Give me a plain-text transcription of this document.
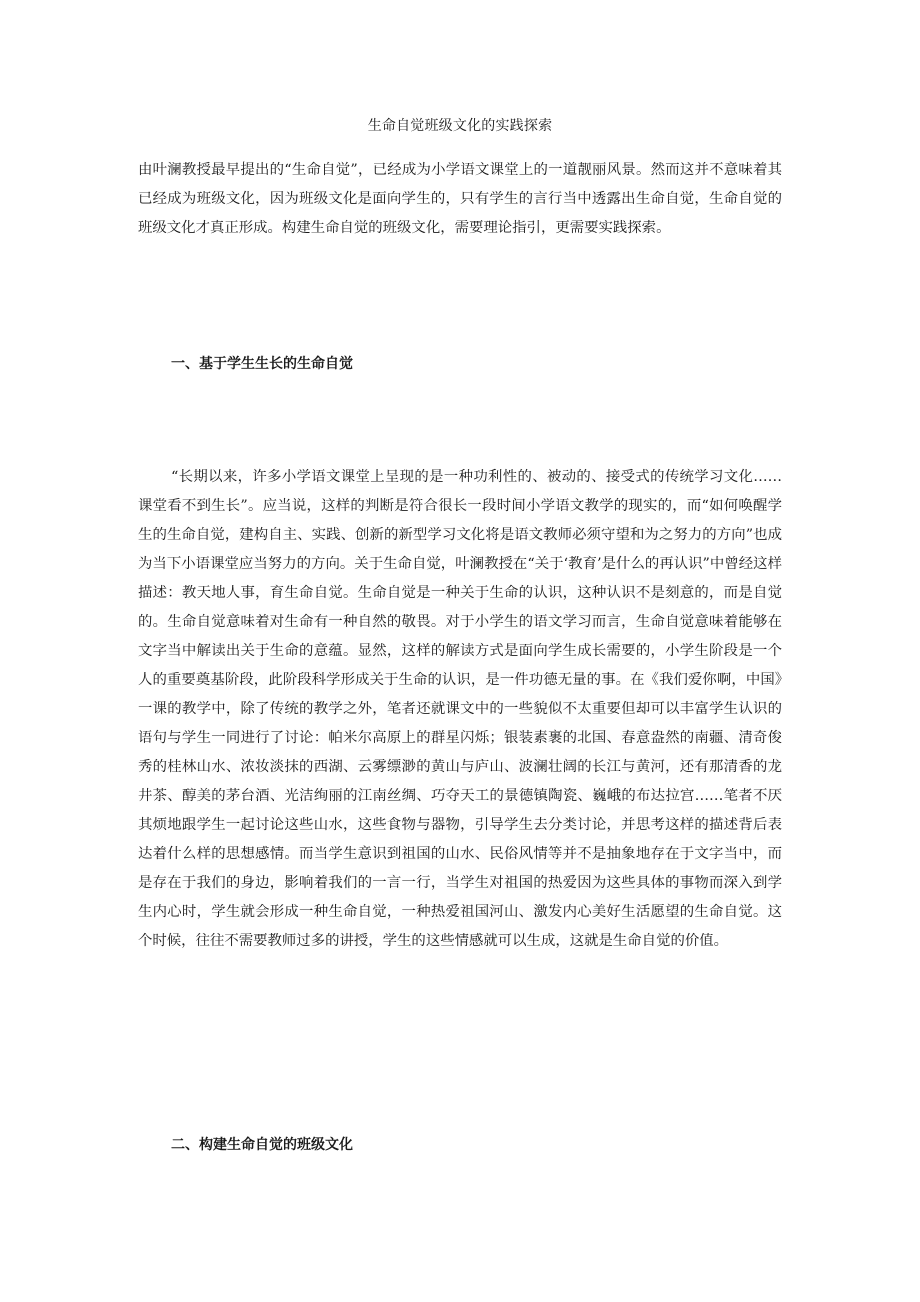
生命自觉班级文化的实践探索

由叶澜教授最早提出的“生命自觉”，已经成为小学语文课堂上的一道靓丽风景。然而这并不意味着其已经成为班级文化，因为班级文化是面向学生的，只有学生的言行当中透露出生命自觉，生命自觉的班级文化才真正形成。构建生命自觉的班级文化，需要理论指引，更需要实践探索。

一、基于学生生长的生命自觉

“长期以来，许多小学语文课堂上呈现的是一种功利性的、被动的、接受式的传统学习文化……课堂看不到生长”。应当说，这样的判断是符合很长一段时间小学语文教学的现实的，而“如何唤醒学生的生命自觉，建构自主、实践、创新的新型学习文化将是语文教师必须守望和为之努力的方向”也成为当下小语课堂应当努力的方向。关于生命自觉，叶澜教授在“关于‘教育’是什么的再认识”中曾经这样描述：教天地人事，育生命自觉。生命自觉是一种关于生命的认识，这种认识不是刻意的，而是自觉的。生命自觉意味着对生命有一种自然的敬畏。对于小学生的语文学习而言，生命自觉意味着能够在文字当中解读出关于生命的意蕴。显然，这样的解读方式是面向学生成长需要的，小学生阶段是一个人的重要奠基阶段，此阶段科学形成关于生命的认识，是一件功德无量的事。在《我们爱你啊，中国》一课的教学中，除了传统的教学之外，笔者还就课文中的一些貌似不太重要但却可以丰富学生认识的语句与学生一同进行了讨论：帕米尔高原上的群星闪烁；银装素裹的北国、春意盎然的南疆、清奇俊秀的桂林山水、浓妆淡抹的西湖、云雾缥渺的黄山与庐山、波澜壮阔的长江与黄河，还有那清香的龙井茶、醇美的茅台酒、光洁绚丽的江南丝绸、巧夺天工的景德镇陶瓷、巍峨的布达拉宫……笔者不厌其烦地跟学生一起讨论这些山水，这些食物与器物，引导学生去分类讨论，并思考这样的描述背后表达着什么样的思想感情。而当学生意识到祖国的山水、民俗风情等并不是抽象地存在于文字当中，而是存在于我们的身边，影响着我们的一言一行，当学生对祖国的热爱因为这些具体的事物而深入到学生内心时，学生就会形成一种生命自觉，一种热爱祖国河山、激发内心美好生活愿望的生命自觉。这个时候，往往不需要教师过多的讲授，学生的这些情感就可以生成，这就是生命自觉的价值。

二、构建生命自觉的班级文化
